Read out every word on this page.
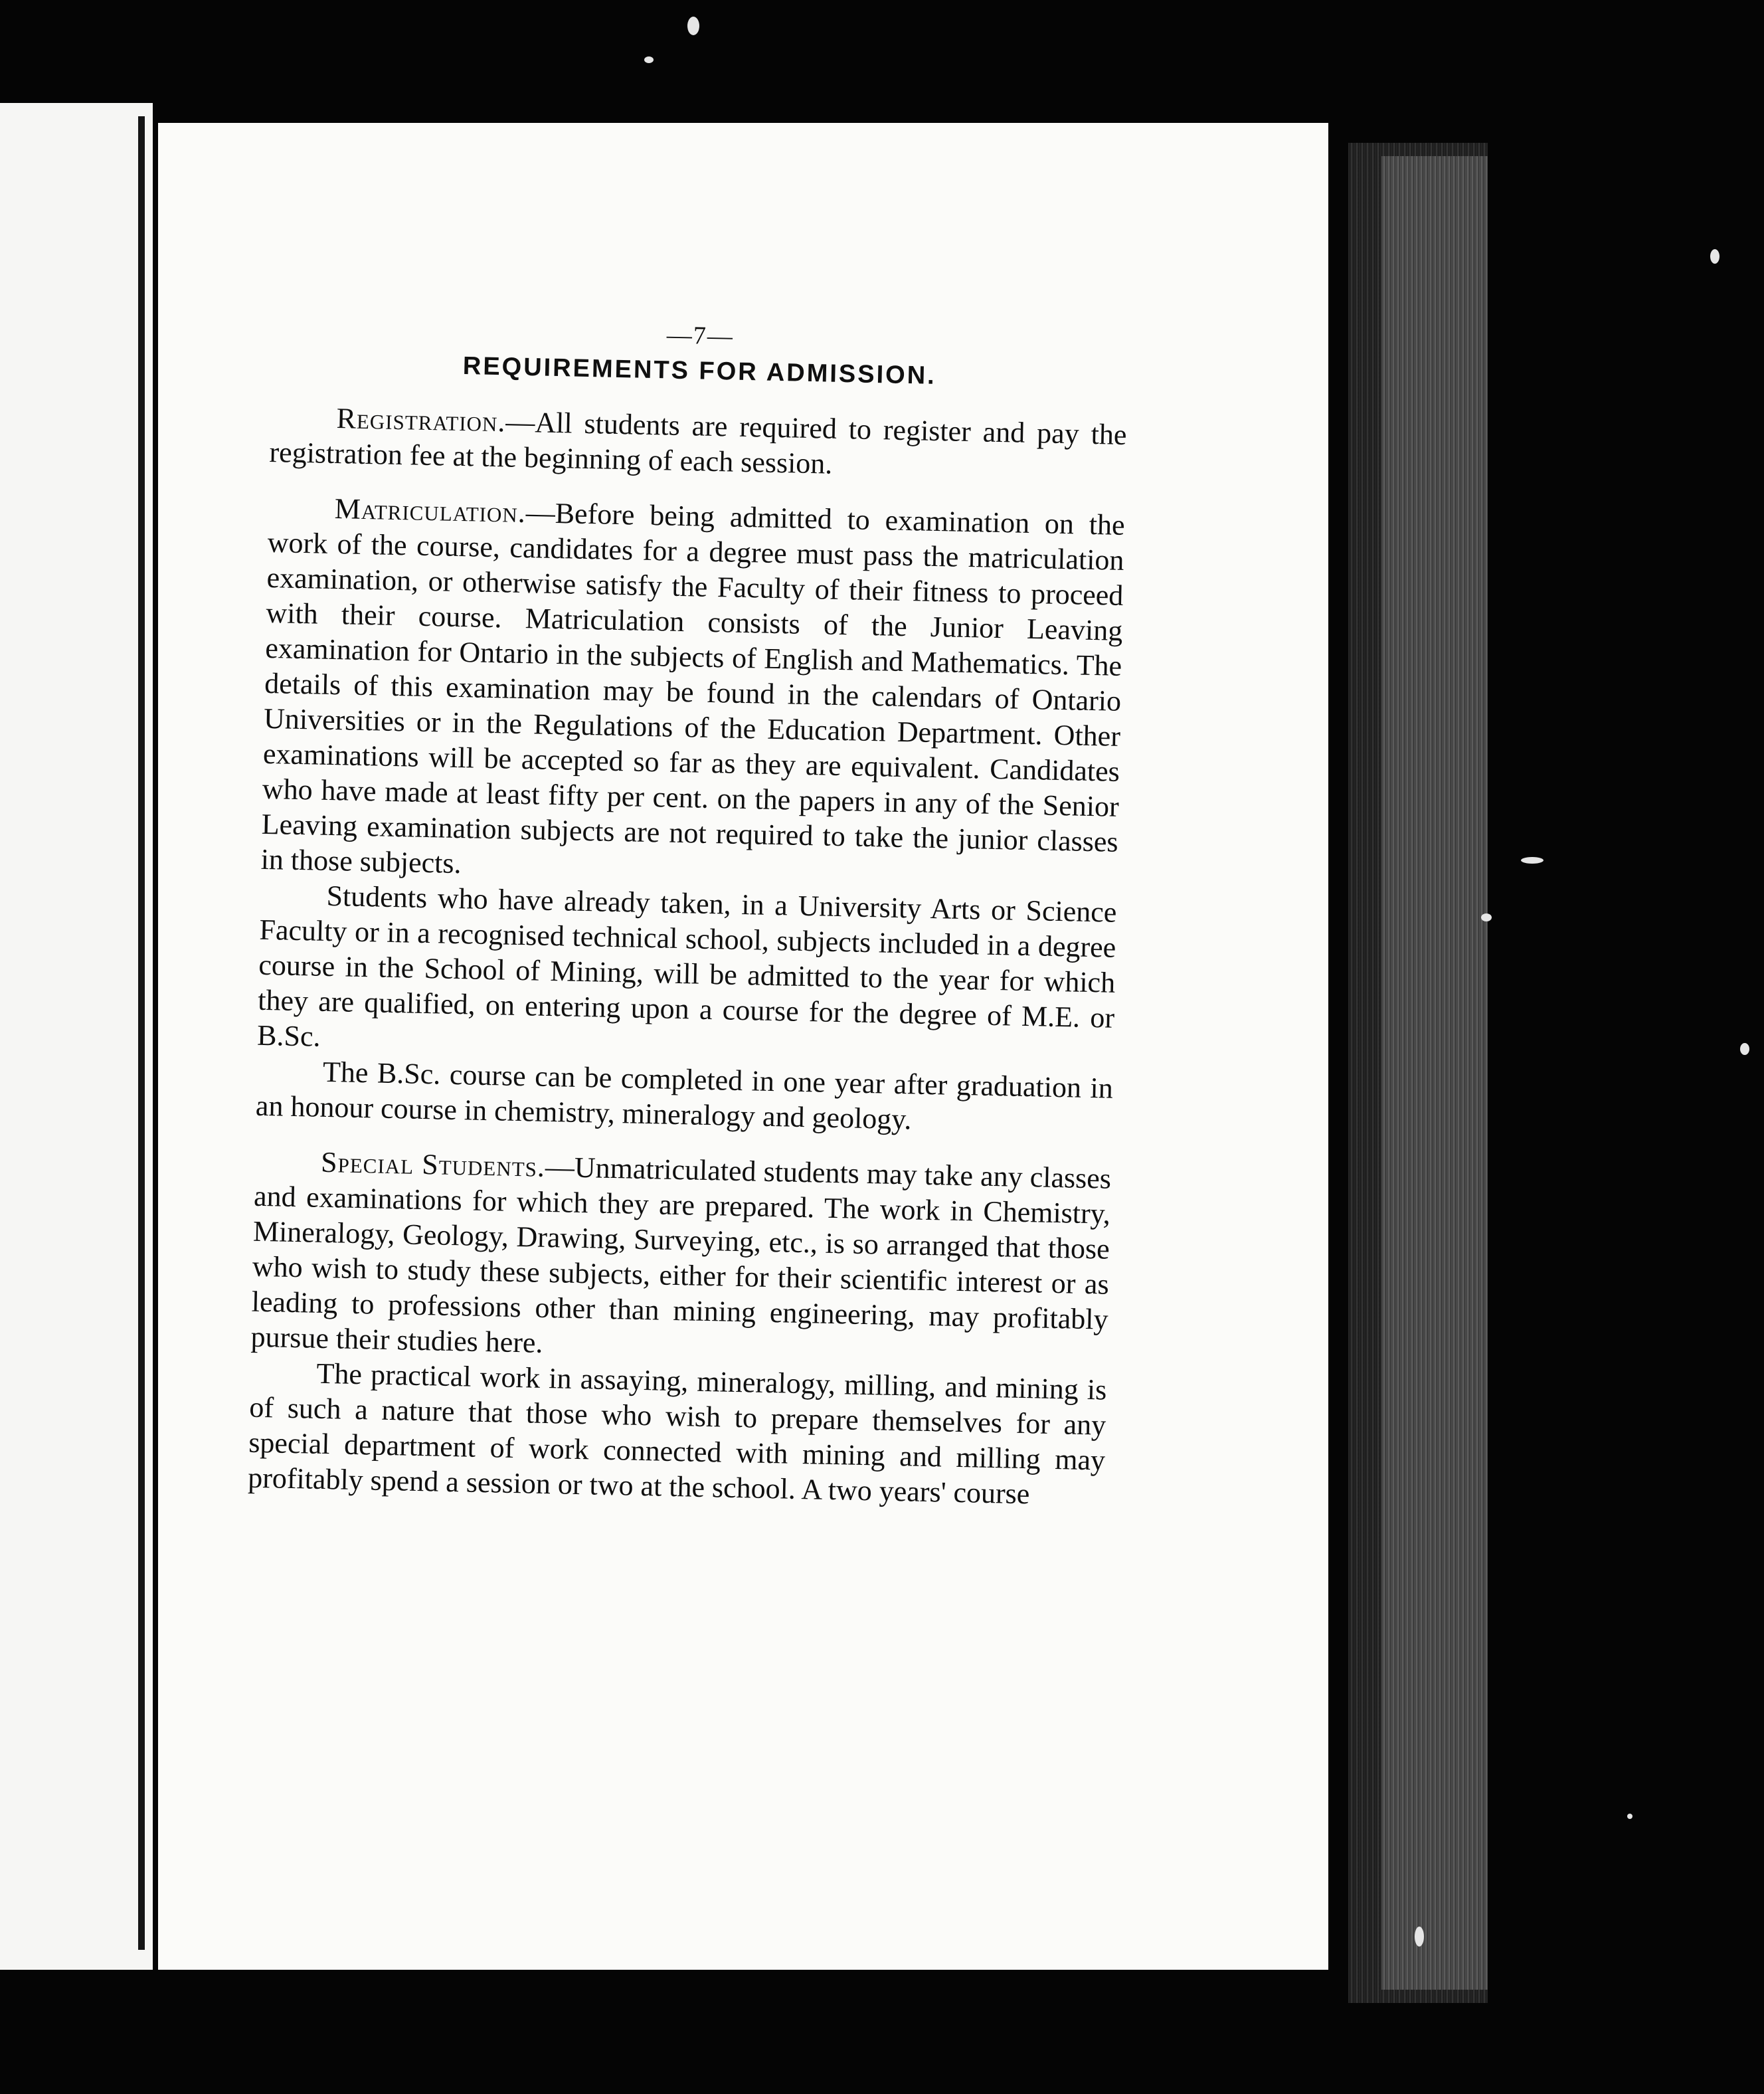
—7—

REQUIREMENTS FOR ADMISSION.

Registration.—All students are required to register and pay the registration fee at the beginning of each session.

Matriculation.—Before being admitted to examination on the work of the course, candidates for a degree must pass the matriculation examination, or otherwise satisfy the Faculty of their fitness to proceed with their course. Matriculation consists of the Junior Leaving examination for Ontario in the subjects of English and Mathematics. The details of this examination may be found in the calendars of Ontario Universities or in the Regulations of the Education Department. Other examinations will be accepted so far as they are equivalent. Candidates who have made at least fifty per cent. on the papers in any of the Senior Leaving examination subjects are not required to take the junior classes in those subjects.

Students who have already taken, in a University Arts or Science Faculty or in a recognised technical school, subjects included in a degree course in the School of Mining, will be admitted to the year for which they are qualified, on entering upon a course for the degree of M.E. or B.Sc.

The B.Sc. course can be completed in one year after graduation in an honour course in chemistry, mineralogy and geology.

Special Students.—Unmatriculated students may take any classes and examinations for which they are prepared. The work in Chemistry, Mineralogy, Geology, Drawing, Surveying, etc., is so arranged that those who wish to study these subjects, either for their scientific interest or as leading to professions other than mining engineering, may profitably pursue their studies here.

The practical work in assaying, mineralogy, milling, and mining is of such a nature that those who wish to prepare themselves for any special department of work connected with mining and milling may profitably spend a session or two at the school. A two years' course
